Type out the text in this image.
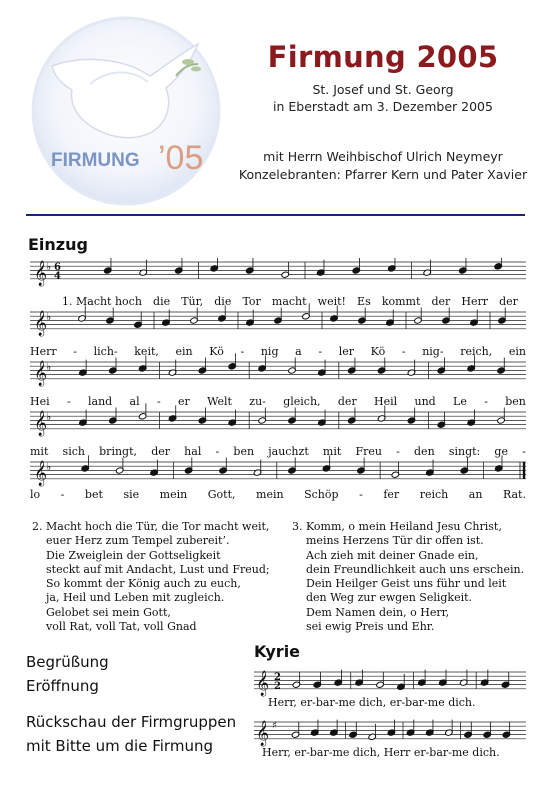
FIRMUNG ’05
Firmung 2005
St. Josef und St. Georg
in Eberstadt am 3. Dezember 2005
mit Herrn Weihbischof Ulrich Neymeyr
Konzelebranten: Pfarrer Kern und Pater Xavier
Einzug
𝄞
♭ 6
4
𝄞
♭
𝄞
♭
𝄞
♭
𝄞
♭
1. Macht hoch die Tür, die Tor macht weit! Es kommt der Herr der
Herr - lich- keit, ein Kö - nig a - ler Kö - nig- reich, ein
Hei - land al - er Welt zu- gleich, der Heil und Le - ben
mit sich bringt, der hal - ben jauchzt mit Freu - den singt: ge -
lo - bet sie mein Gott, mein Schöp - fer reich an Rat.
2. Macht hoch die Tür, die Tor macht weit,
euer Herz zum Tempel zubereit’.
Die Zweiglein der Gottseligkeit
steckt auf mit Andacht, Lust und Freud;
So kommt der König auch zu euch,
ja, Heil und Leben mit zugleich.
Gelobet sei mein Gott,
voll Rat, voll Tat, voll Gnad
3. Komm, o mein Heiland Jesu Christ,
meins Herzens Tür dir offen ist.
Ach zieh mit deiner Gnade ein,
dein Freundlichkeit auch uns erschein.
Dein Heilger Geist uns führ und leit
den Weg zur ewgen Seligkeit.
Dem Namen dein, o Herr,
sei ewig Preis und Ehr.
Begrüßung
Eröffnung
Rückschau der Firmgruppen
mit Bitte um die Firmung
Kyrie
𝄞 2
2
𝄞 ♯
Herr, er-bar-me dich, er-bar-me dich.
Herr, er-bar-me dich, Herr er-bar-me dich.
